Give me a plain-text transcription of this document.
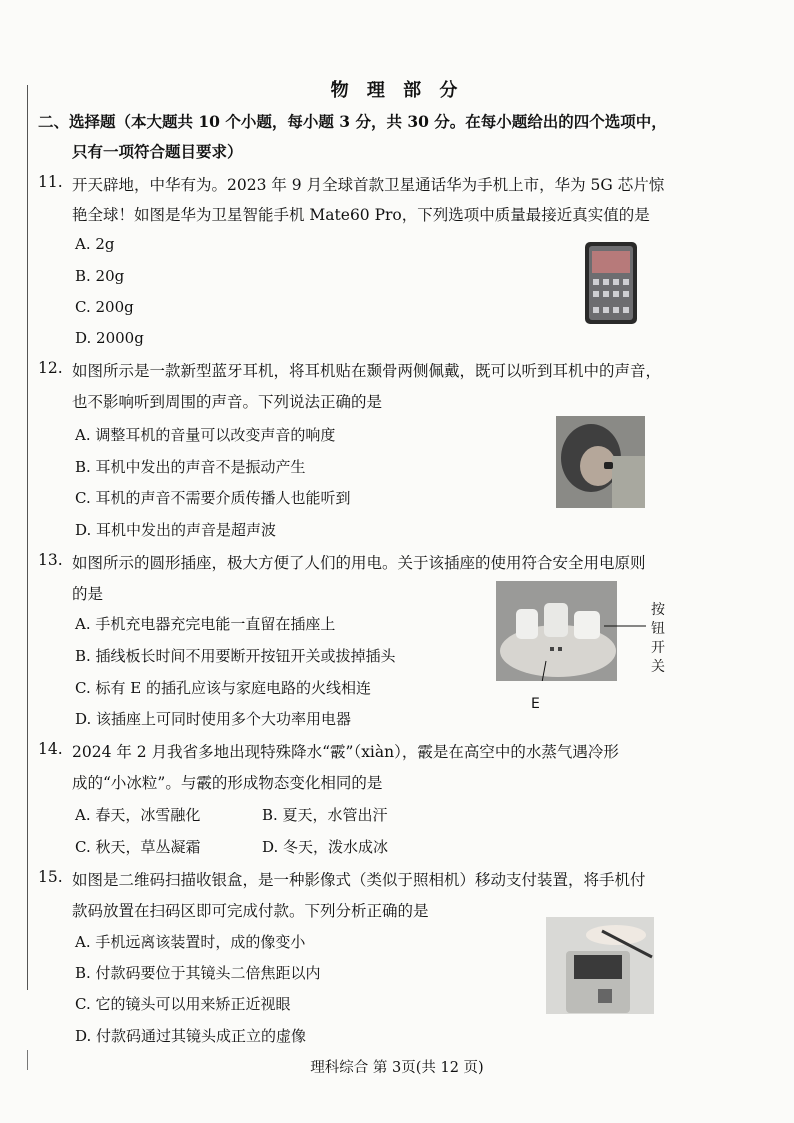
物 理 部 分
二、选择题（本大题共 10 个小题，每小题 3 分，共 30 分。在每小题给出的四个选项中，
只有一项符合题目要求）
11. 开天辟地，中华有为。2023 年 9 月全球首款卫星通话华为手机上市，华为 5G 芯片惊
艳全球！如图是华为卫星智能手机 Mate60 Pro，下列选项中质量最接近真实值的是
A. 2g
B. 20g
C. 200g
D. 2000g
12. 如图所示是一款新型蓝牙耳机，将耳机贴在颞骨两侧佩戴，既可以听到耳机中的声音，
也不影响听到周围的声音。下列说法正确的是
A. 调整耳机的音量可以改变声音的响度
B. 耳机中发出的声音不是振动产生
C. 耳机的声音不需要介质传播人也能听到
D. 耳机中发出的声音是超声波
13. 如图所示的圆形插座，极大方便了人们的用电。关于该插座的使用符合安全用电原则
的是
A. 手机充电器充完电能一直留在插座上
B. 插线板长时间不用要断开按钮开关或拔掉插头
C. 标有 E 的插孔应该与家庭电路的火线相连
D. 该插座上可同时使用多个大功率用电器
按
钮
开
关
E
14. 2024 年 2 月我省多地出现特殊降水“霰”（xiàn），霰是在高空中的水蒸气遇冷形
成的“小冰粒”。与霰的形成物态变化相同的是
A. 春天，冰雪融化	B. 夏天，水管出汗
C. 秋天，草丛凝霜	D. 冬天，泼水成冰
15. 如图是二维码扫描收银盒，是一种影像式（类似于照相机）移动支付装置，将手机付
款码放置在扫码区即可完成付款。下列分析正确的是
A. 手机远离该装置时，成的像变小
B. 付款码要位于其镜头二倍焦距以内
C. 它的镜头可以用来矫正近视眼
D. 付款码通过其镜头成正立的虚像
理科综合 第 3页(共 12 页)
